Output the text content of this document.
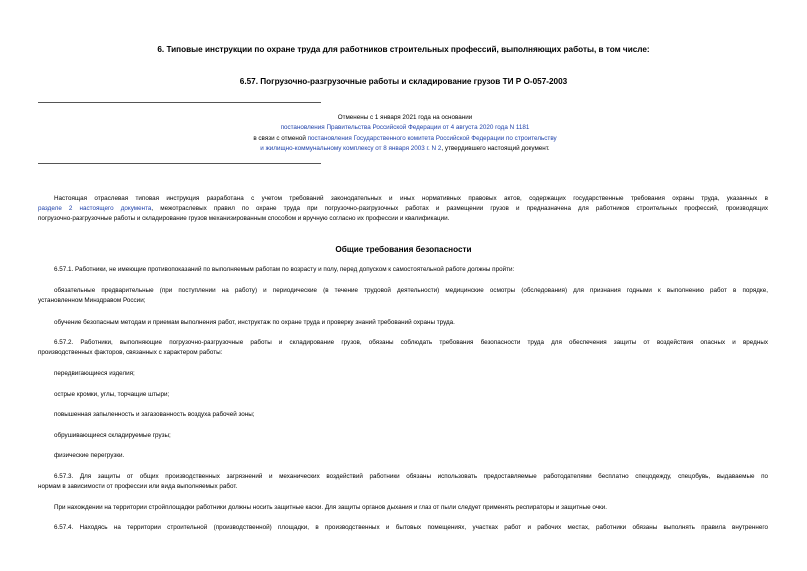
6. Типовые инструкции по охране труда для работников строительных профессий, выполняющих работы, в том числе:
6.57. Погрузочно-разгрузочные работы и складирование грузов ТИ Р О-057-2003
Отменены с 1 января 2021 года на основании
постановления Правительства Российской Федерации от 4 августа 2020 года N 1181
в связи с отменой постановления Государственного комитета Российской Федерации по строительству
и жилищно-коммунальному комплексу от 8 января 2003 г. N 2, утвердившего настоящий документ.
Настоящая отраслевая типовая инструкция разработана с учетом требований законодательных и иных нормативных правовых актов, содержащих государственные требования охраны труда, указанных в
разделе 2 настоящего документа, межотраслевых правил по охране труда при погрузочно-разгрузочных работах и размещении грузов и предназначена для работников строительных профессий, производящих
погрузочно-разгрузочные работы и складирование грузов механизированным способом и вручную согласно их профессии и квалификации.
Общие требования безопасности
6.57.1. Работники, не имеющие противопоказаний по выполняемым работам по возрасту и полу, перед допуском к самостоятельной работе должны пройти:
обязательные предварительные (при поступлении на работу) и периодические (в течение трудовой деятельности) медицинские осмотры (обследования) для признания годными к выполнению работ в порядке,
установленном Минздравом России;
обучение безопасным методам и приемам выполнения работ, инструктаж по охране труда и проверку знаний требований охраны труда.
6.57.2. Работники, выполняющие погрузочно-разгрузочные работы и складирование грузов, обязаны соблюдать требования безопасности труда для обеспечения защиты от воздействия опасных и вредных
производственных факторов, связанных с характером работы:
передвигающиеся изделия;
острые кромки, углы, торчащие штыри;
повышенная запыленность и загазованность воздуха рабочей зоны;
обрушивающиеся складируемые грузы;
физические перегрузки.
6.57.3. Для защиты от общих производственных загрязнений и механических воздействий работники обязаны использовать предоставляемые работодателями бесплатно спецодежду, спецобувь, выдаваемые по
нормам в зависимости от профессии или вида выполняемых работ.
При нахождении на территории стройплощадки работники должны носить защитные каски. Для защиты органов дыхания и глаз от пыли следует применять респираторы и защитные очки.
6.57.4. Находясь на территории строительной (производственной) площадки, в производственных и бытовых помещениях, участках работ и рабочих местах, работники обязаны выполнять правила внутреннего
